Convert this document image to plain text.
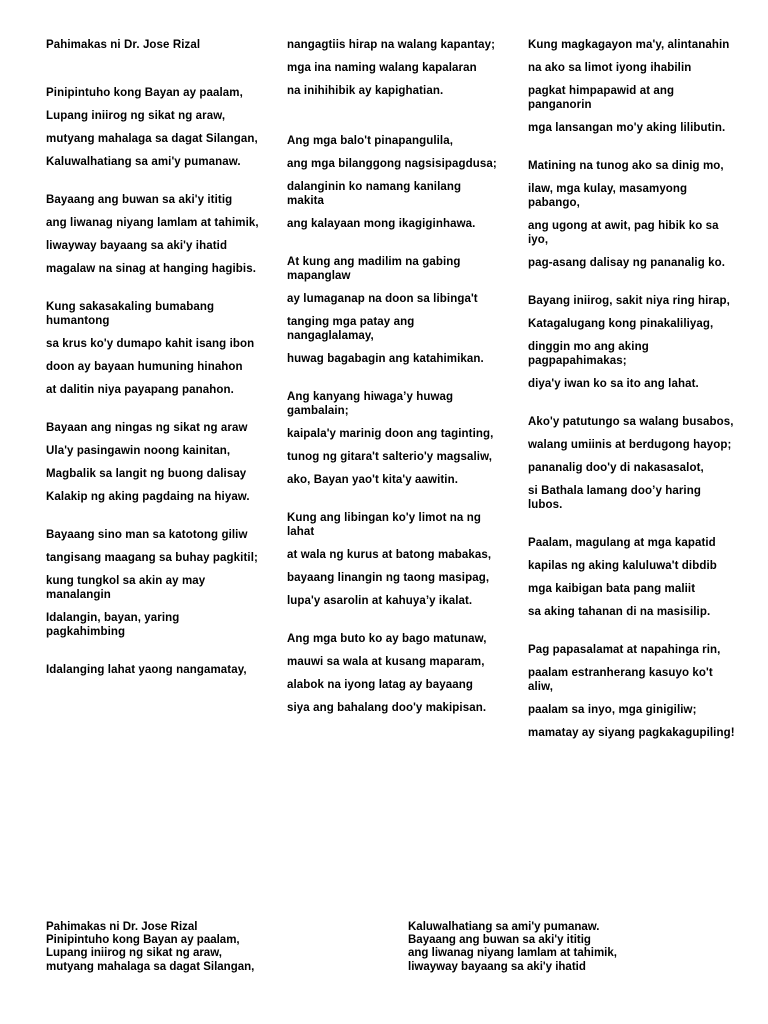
Pahimakas ni Dr. Jose Rizal
Pinipintuho kong Bayan ay paalam,
Lupang iniirog ng sikat ng araw,
mutyang mahalaga sa dagat Silangan,
Kaluwalhatiang sa ami'y pumanaw.
Bayaang ang buwan sa aki'y ititig
ang liwanag niyang lamlam at tahimik,
liwayway bayaang sa aki'y ihatid
magalaw na sinag at hanging hagibis.
Kung sakasakaling bumabang humantong
sa krus ko'y dumapo kahit isang ibon
doon ay bayaan humuning hinahon
at dalitin niya payapang panahon.
Bayaan ang ningas ng sikat ng araw
Ula'y pasingawin noong kainitan,
Magbalik sa langit ng buong dalisay
Kalakip ng aking pagdaing na hiyaw.
Bayaang sino man sa katotong giliw
tangisang maagang sa buhay pagkitil;
kung tungkol sa akin ay may manalangin
Idalangin, bayan, yaring pagkahimbing
Idalanging lahat yaong nangamatay,
nangagtiis hirap na walang kapantay;
mga ina naming walang kapalaran
na inihihibik ay kapighatian.
Ang mga balo't pinapangulila,
ang mga bilanggong nagsisipagdusa;
dalanginin ko namang kanilang makita
ang kalayaan mong ikagiginhawa.
At kung ang madilim na gabing mapanglaw
ay lumaganap na doon sa libinga't
tanging mga patay ang nangaglalamay,
huwag bagabagin ang katahimikan.
Ang kanyang hiwaga’y huwag gambalain;
kaipala'y marinig doon ang taginting,
tunog ng gitara't salterio'y magsaliw,
ako, Bayan yao't kita'y aawitin.
Kung ang libingan ko'y limot na ng lahat
at wala ng kurus at batong mabakas,
bayaang linangin ng taong masipag,
lupa'y asarolin at kahuya’y ikalat.
Ang mga buto ko ay bago matunaw,
mauwi sa wala at kusang maparam,
alabok na iyong latag ay bayaang
siya ang bahalang doo'y makipisan.
Kung magkagayon ma'y, alintanahin
na ako sa limot iyong ihabilin
pagkat himpapawid at ang panganorin
mga lansangan mo'y aking lilibutin.
Matining na tunog ako sa dinig mo,
ilaw, mga kulay, masamyong pabango,
ang ugong at awit, pag hibik ko sa iyo,
pag-asang dalisay ng pananalig ko.
Bayang iniirog, sakit niya ring hirap,
Katagalugang kong pinakaliliyag,
dinggin mo ang aking pagpapahimakas;
diya'y iwan ko sa ito ang lahat.
Ako'y patutungo sa walang busabos,
walang umiinis at berdugong hayop;
pananalig doo'y di nakasasalot,
si Bathala lamang doo’y haring lubos.
Paalam, magulang at mga kapatid
kapilas ng aking kaluluwa't dibdib
mga kaibigan bata pang maliit
sa aking tahanan di na masisilip.
Pag papasalamat at napahinga rin,
paalam estranherang kasuyo ko't aliw,
paalam sa inyo, mga ginigiliw;
mamatay ay siyang pagkakagupiling!
Pahimakas ni Dr. Jose Rizal
Pinipintuho kong Bayan ay paalam,
Lupang iniirog ng sikat ng araw,
mutyang mahalaga sa dagat Silangan,
Kaluwalhatiang sa ami'y pumanaw.
Bayaang ang buwan sa aki'y ititig
ang liwanag niyang lamlam at tahimik,
liwayway bayaang sa aki'y ihatid
